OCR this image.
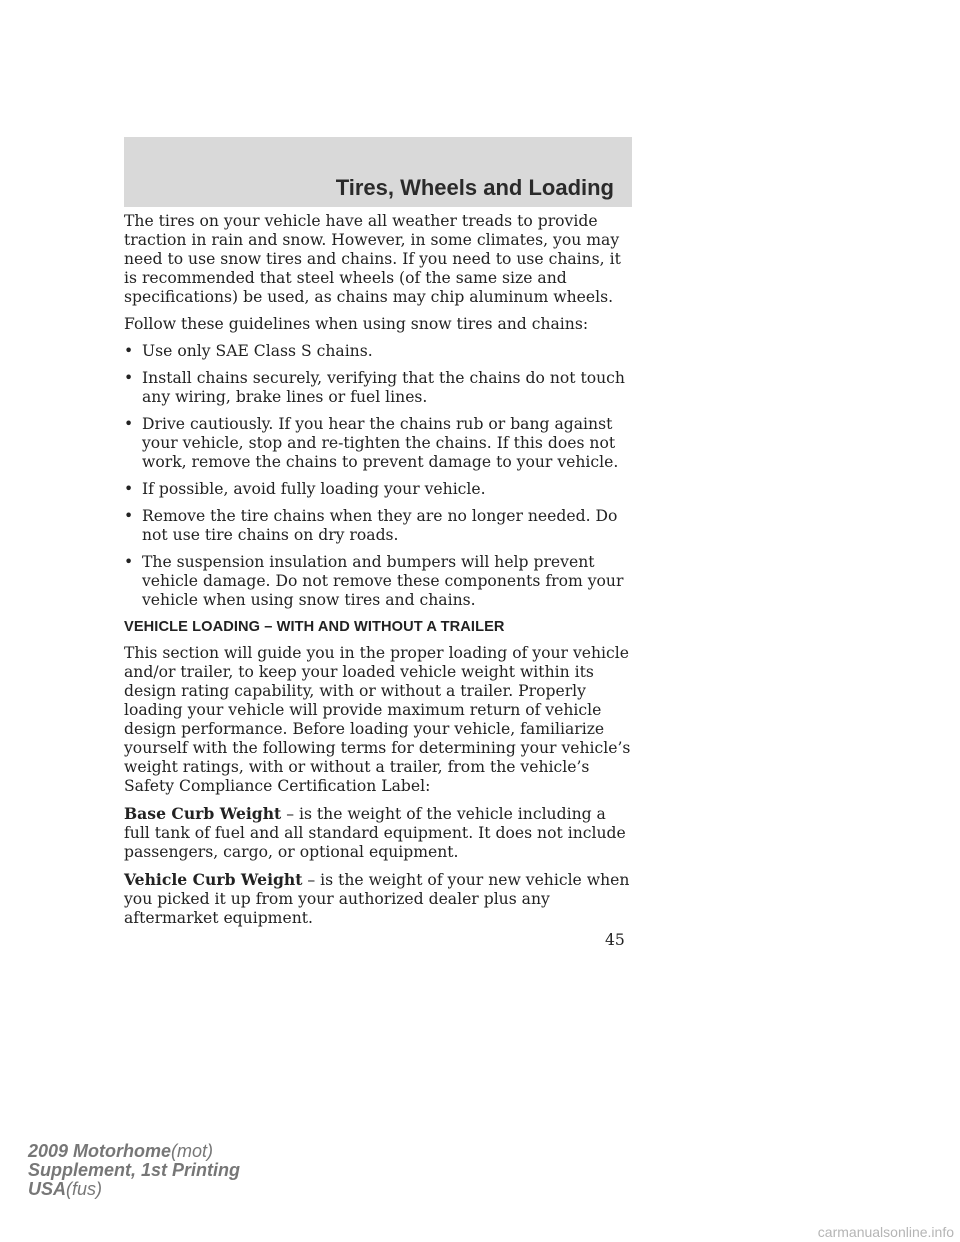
Tires, Wheels and Loading

The tires on your vehicle have all weather treads to provide traction in rain and snow. However, in some climates, you may need to use snow tires and chains. If you need to use chains, it is recommended that steel wheels (of the same size and specifications) be used, as chains may chip aluminum wheels.

Follow these guidelines when using snow tires and chains:

• Use only SAE Class S chains.
• Install chains securely, verifying that the chains do not touch any wiring, brake lines or fuel lines.
• Drive cautiously. If you hear the chains rub or bang against your vehicle, stop and re-tighten the chains. If this does not work, remove the chains to prevent damage to your vehicle.
• If possible, avoid fully loading your vehicle.
• Remove the tire chains when they are no longer needed. Do not use tire chains on dry roads.
• The suspension insulation and bumpers will help prevent vehicle damage. Do not remove these components from your vehicle when using snow tires and chains.
VEHICLE LOADING – WITH AND WITHOUT A TRAILER

This section will guide you in the proper loading of your vehicle and/or trailer, to keep your loaded vehicle weight within its design rating capability, with or without a trailer. Properly loading your vehicle will provide maximum return of vehicle design performance. Before loading your vehicle, familiarize yourself with the following terms for determining your vehicle’s weight ratings, with or without a trailer, from the vehicle’s Safety Compliance Certification Label:

Base Curb Weight – is the weight of the vehicle including a full tank of fuel and all standard equipment. It does not include passengers, cargo, or optional equipment.

Vehicle Curb Weight – is the weight of your new vehicle when you picked it up from your authorized dealer plus any aftermarket equipment.

45
2009 Motorhome(mot)
Supplement, 1st Printing
USA(fus)
carmanualsonline.info
